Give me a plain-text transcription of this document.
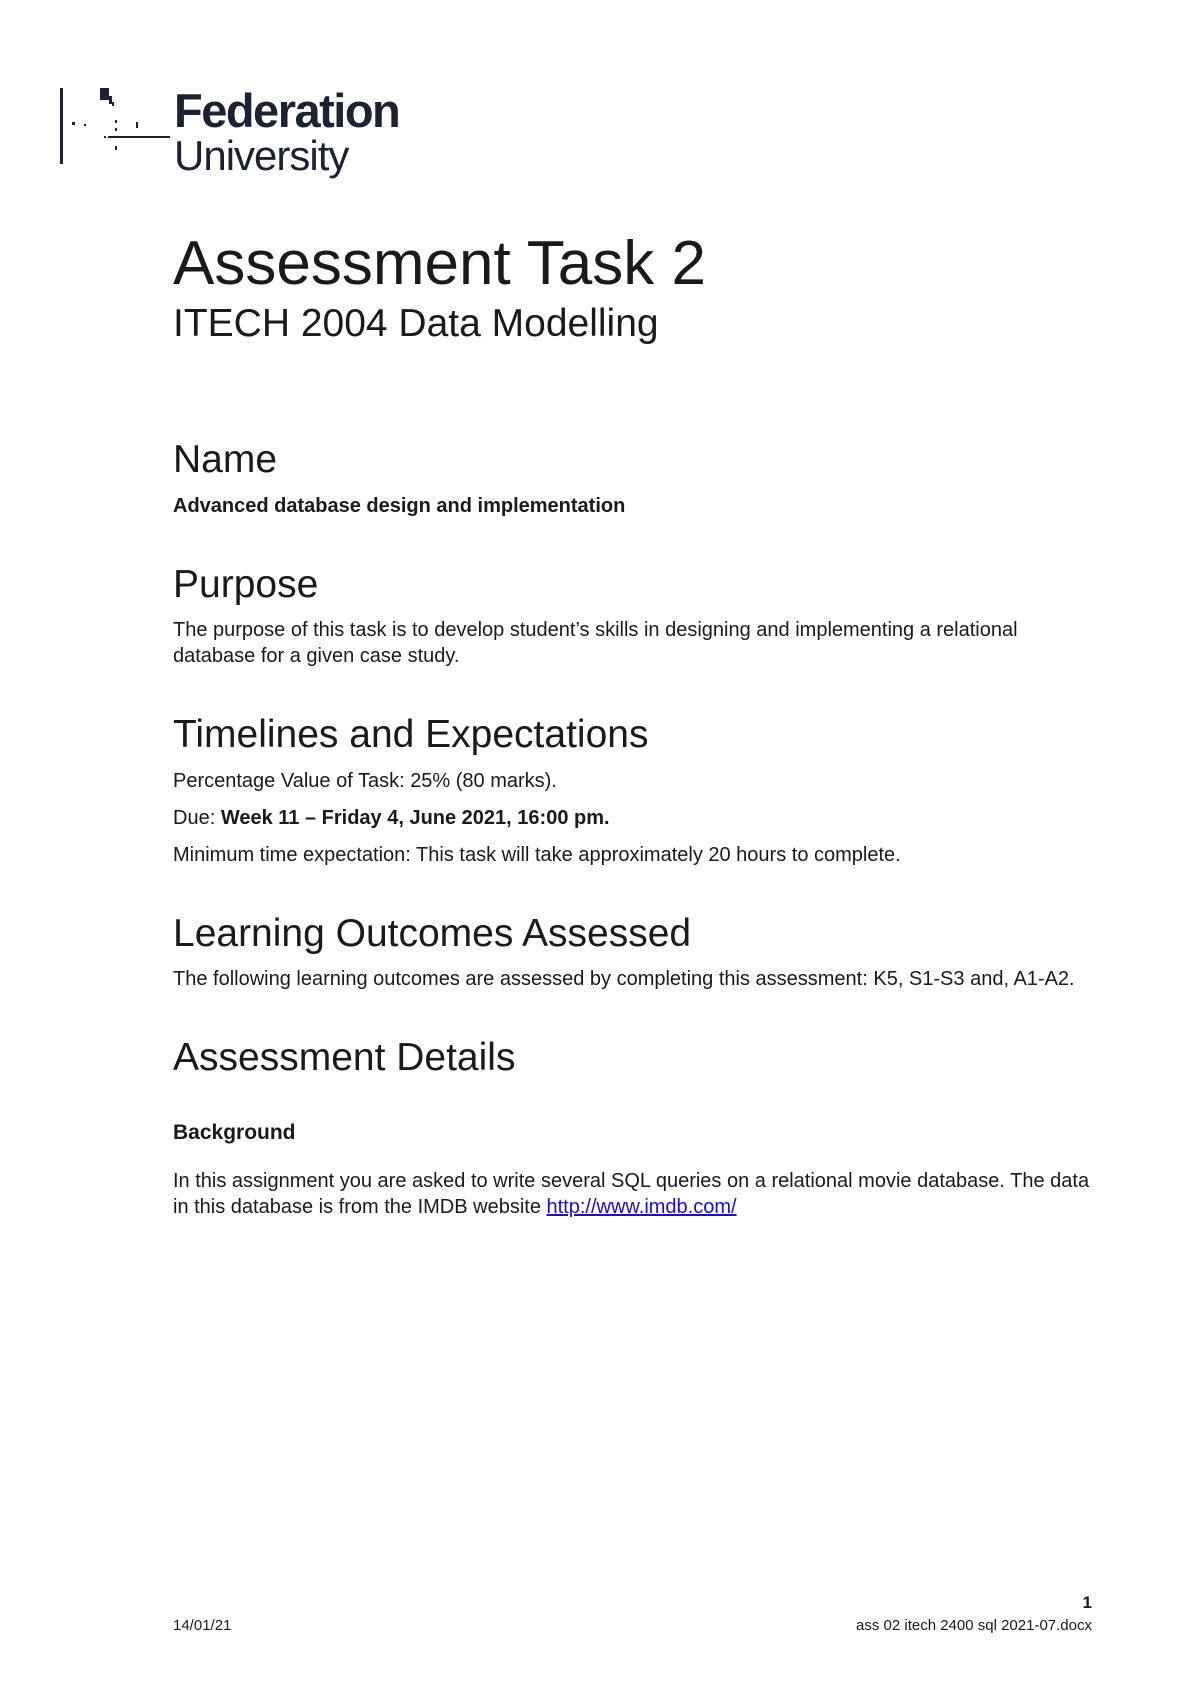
Federation
University
Assessment Task 2
ITECH 2004 Data Modelling
Name

Advanced database design and implementation

Purpose

The purpose of this task is to develop student’s skills in designing and implementing a relational database for a given case study.

Timelines and Expectations

Percentage Value of Task: 25% (80 marks).

Due: Week 11 – Friday 4, June 2021, 16:00 pm.

Minimum time expectation: This task will take approximately 20 hours to complete.

Learning Outcomes Assessed

The following learning outcomes are assessed by completing this assessment: K5, S1-S3 and, A1-A2.

Assessment Details

Background

In this assignment you are asked to write several SQL queries on a relational movie database. The data in this database is from the IMDB website http://www.imdb.com/

1
14/01/21	ass 02 itech 2400 sql 2021-07.docx
